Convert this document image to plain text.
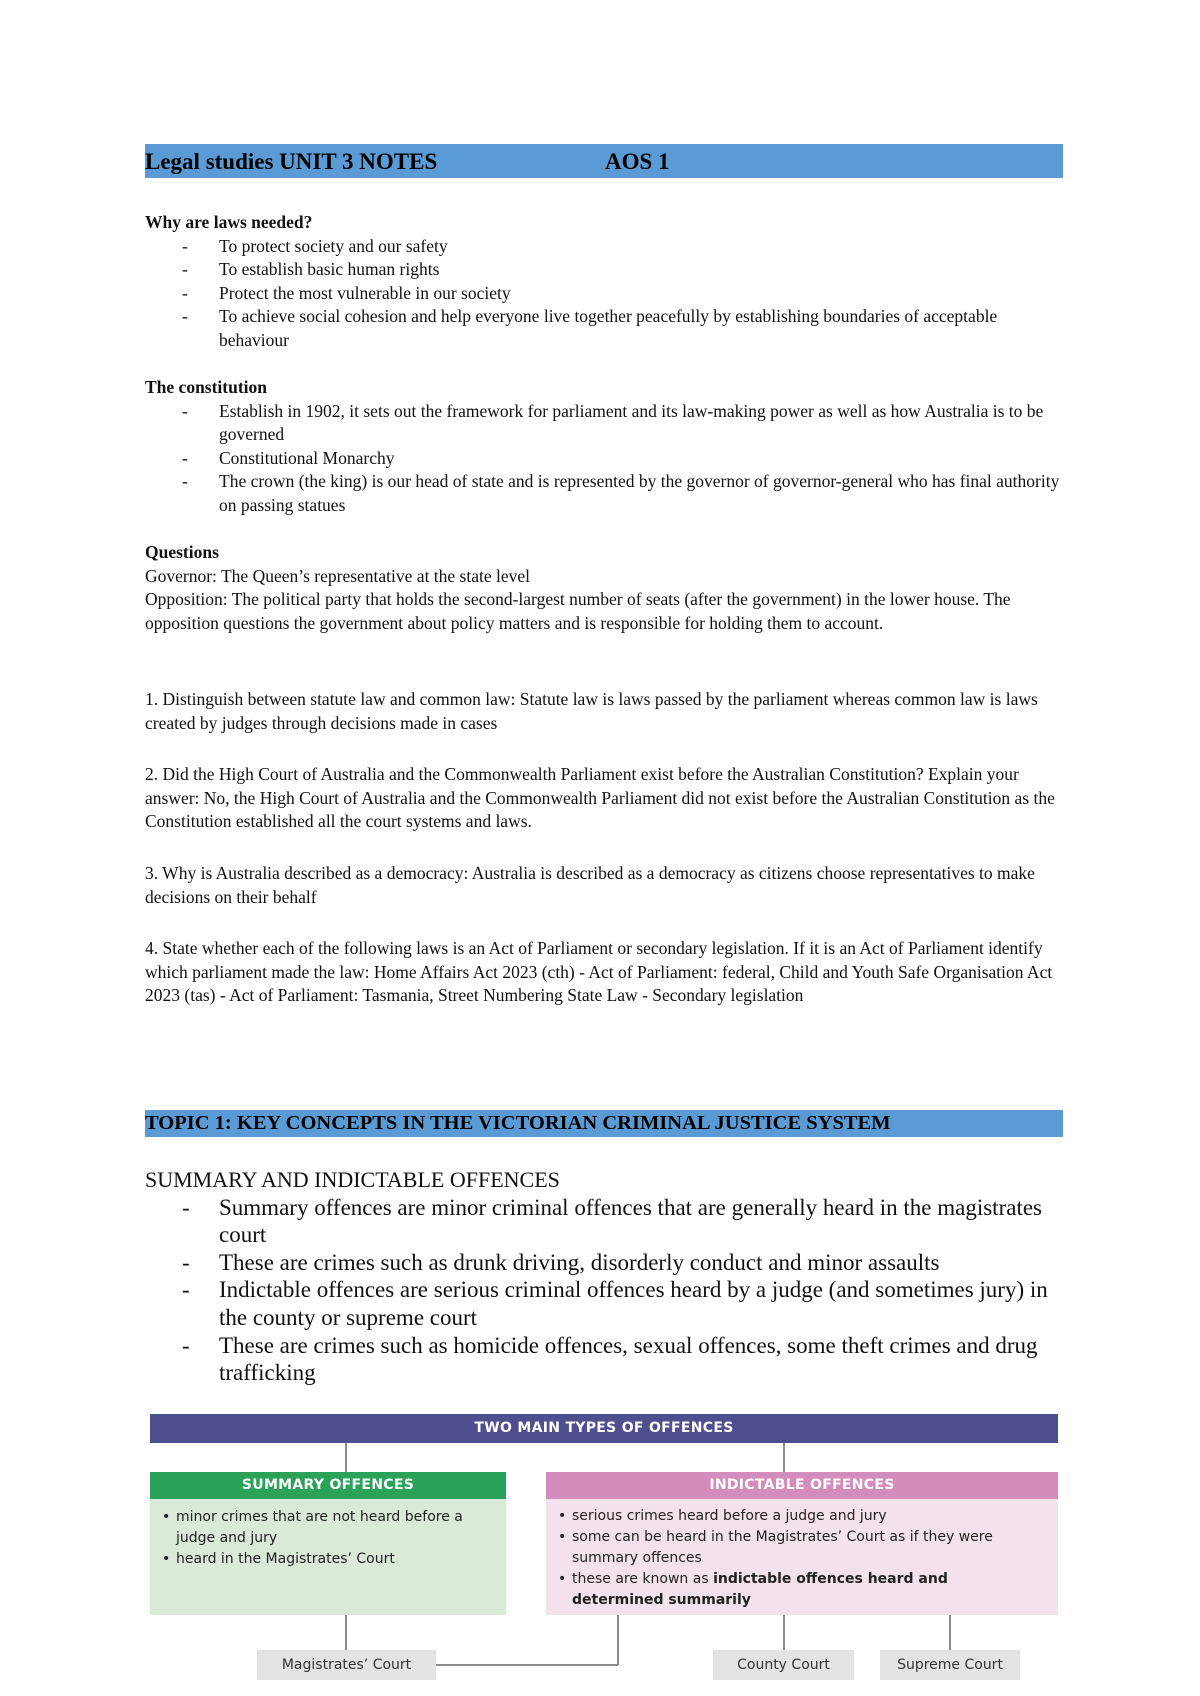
Legal studies UNIT 3 NOTES	AOS 1
Why are laws needed?
- To protect society and our safety
- To establish basic human rights
- Protect the most vulnerable in our society
- To achieve social cohesion and help everyone live together peacefully by establishing boundaries of acceptable behaviour
The constitution
- Establish in 1902, it sets out the framework for parliament and its law-making power as well as how Australia is to be governed
- Constitutional Monarchy
- The crown (the king) is our head of state and is represented by the governor of governor-general who has final authority on passing statues
Questions
Governor: The Queen’s representative at the state level
Opposition: The political party that holds the second-largest number of seats (after the government) in the lower house. The opposition questions the government about policy matters and is responsible for holding them to account.
1. Distinguish between statute law and common law: Statute law is laws passed by the parliament whereas common law is laws created by judges through decisions made in cases
2. Did the High Court of Australia and the Commonwealth Parliament exist before the Australian Constitution? Explain your answer: No, the High Court of Australia and the Commonwealth Parliament did not exist before the Australian Constitution as the Constitution established all the court systems and laws.
3. Why is Australia described as a democracy: Australia is described as a democracy as citizens choose representatives to make decisions on their behalf
4. State whether each of the following laws is an Act of Parliament or secondary legislation. If it is an Act of Parliament identify which parliament made the law: Home Affairs Act 2023 (cth) - Act of Parliament: federal, Child and Youth Safe Organisation Act 2023 (tas) - Act of Parliament: Tasmania, Street Numbering State Law - Secondary legislation
TOPIC 1: KEY CONCEPTS IN THE VICTORIAN CRIMINAL JUSTICE SYSTEM
SUMMARY AND INDICTABLE OFFENCES
- Summary offences are minor criminal offences that are generally heard in the magistrates court
- These are crimes such as drunk driving, disorderly conduct and minor assaults
- Indictable offences are serious criminal offences heard by a judge (and sometimes jury) in the county or supreme court
- These are crimes such as homicide offences, sexual offences, some theft crimes and drug trafficking
TWO MAIN TYPES OF OFFENCES
SUMMARY OFFENCES
• minor crimes that are not heard before a judge and jury
• heard in the Magistrates’ Court
INDICTABLE OFFENCES
• serious crimes heard before a judge and jury
• some can be heard in the Magistrates’ Court as if they were summary offences
• these are known as indictable offences heard and determined summarily
Magistrates’ Court	County Court	Supreme Court
